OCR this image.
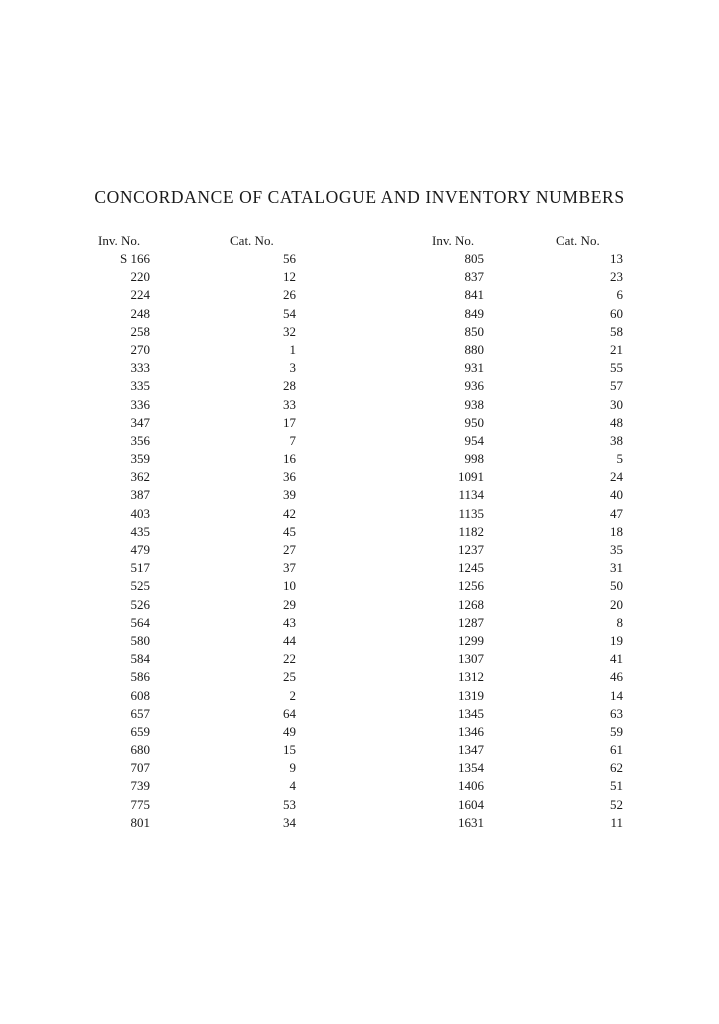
CONCORDANCE OF CATALOGUE AND INVENTORY NUMBERS
Inv. No.
S 166
220
224
248
258
270
333
335
336
347
356
359
362
387
403
435
479
517
525
526
564
580
584
586
608
657
659
680
707
739
775
801
Cat. No.
56
12
26
54
32
1
3
28
33
17
7
16
36
39
42
45
27
37
10
29
43
44
22
25
2
64
49
15
9
4
53
34
Inv. No.
805
837
841
849
850
880
931
936
938
950
954
998
1091
1134
1135
1182
1237
1245
1256
1268
1287
1299
1307
1312
1319
1345
1346
1347
1354
1406
1604
1631
Cat. No.
13
23
6
60
58
21
55
57
30
48
38
5
24
40
47
18
35
31
50
20
8
19
41
46
14
63
59
61
62
51
52
11
